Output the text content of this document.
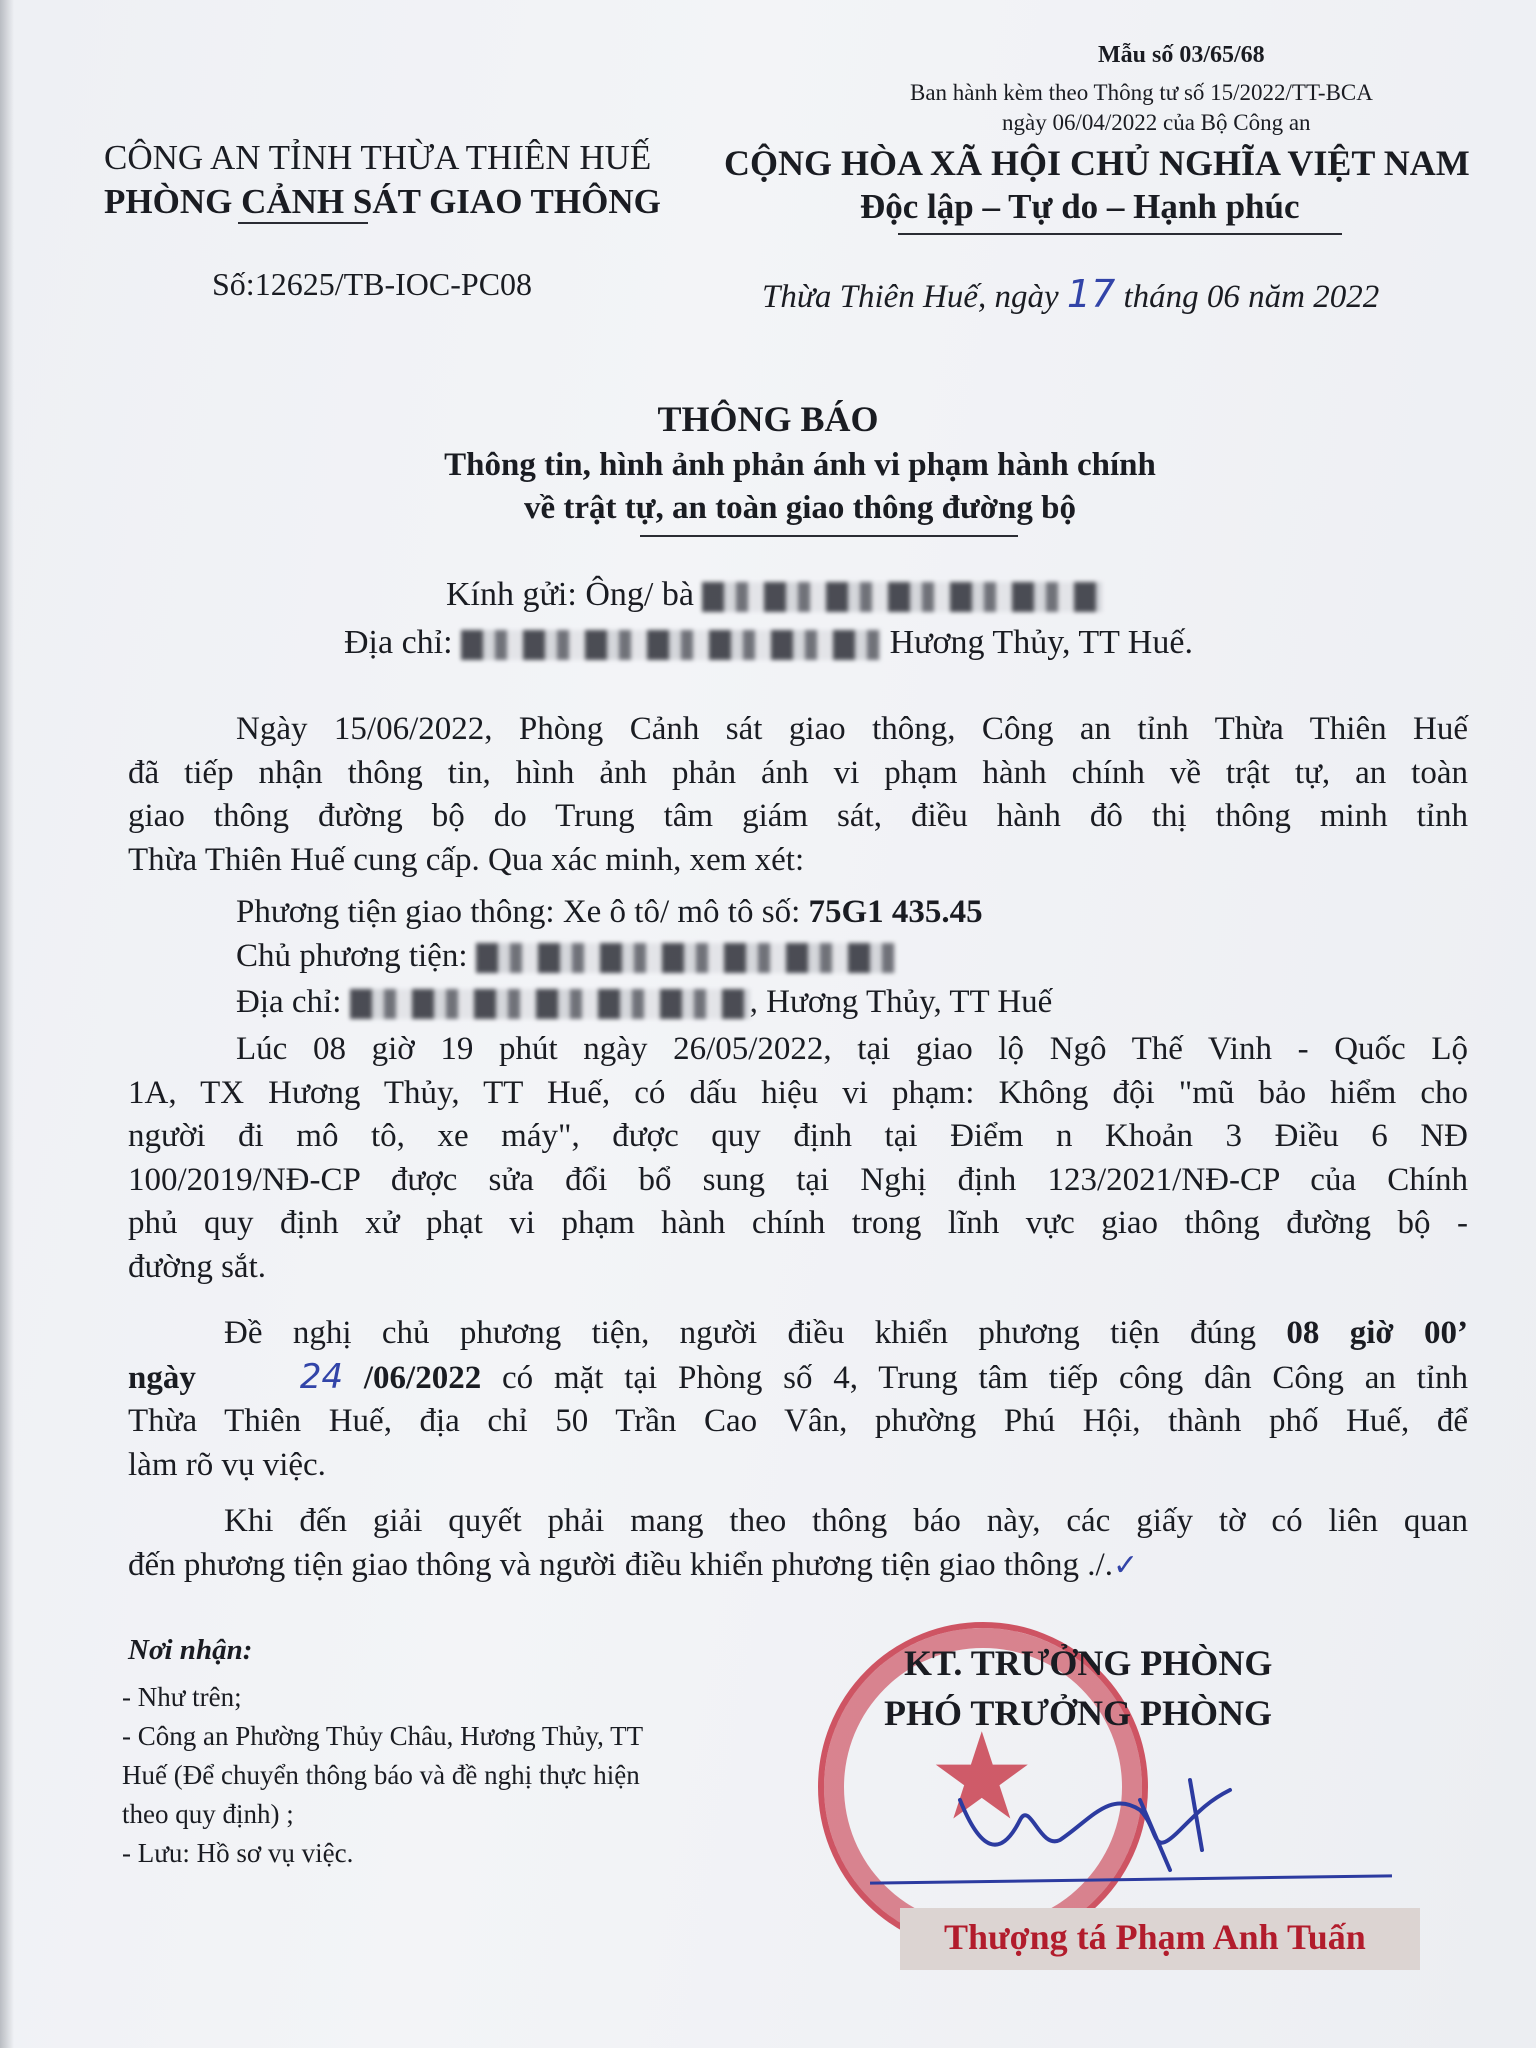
Mẫu số 03/65/68
Ban hành kèm theo Thông tư số 15/2022/TT-BCA
ngày 06/04/2022 của Bộ Công an
CÔNG AN TỈNH THỪA THIÊN HUẾ
PHÒNG CẢNH SÁT GIAO THÔNG
CỘNG HÒA XÃ HỘI CHỦ NGHĨA VIỆT NAM
Độc lập – Tự do – Hạnh phúc
Số:12625/TB-IOC-PC08	Thừa Thiên Huế, ngày 17 tháng 06 năm 2022
THÔNG BÁO
Thông tin, hình ảnh phản ánh vi phạm hành chính
về trật tự, an toàn giao thông đường bộ
Kính gửi: Ông/ bà
Địa chỉ:	Hương Thủy, TT Huế.
Ngày 15/06/2022, Phòng Cảnh sát giao thông, Công an tỉnh Thừa Thiên Huế
đã tiếp nhận thông tin, hình ảnh phản ánh vi phạm hành chính về trật tự, an toàn
giao thông đường bộ do Trung tâm giám sát, điều hành đô thị thông minh tỉnh
Thừa Thiên Huế cung cấp. Qua xác minh, xem xét:
Phương tiện giao thông: Xe ô tô/ mô tô số: 75G1 435.45
Chủ phương tiện:
Địa chỉ:	, Hương Thủy, TT Huế
Lúc 08 giờ 19 phút ngày 26/05/2022, tại giao lộ Ngô Thế Vinh - Quốc Lộ
1A, TX Hương Thủy, TT Huế, có dấu hiệu vi phạm: Không đội "mũ bảo hiểm cho
người đi mô tô, xe máy", được quy định tại Điểm n Khoản 3 Điều 6 NĐ
100/2019/NĐ-CP được sửa đổi bổ sung tại Nghị định 123/2021/NĐ-CP của Chính
phủ quy định xử phạt vi phạm hành chính trong lĩnh vực giao thông đường bộ -
đường sắt.
Đề nghị chủ phương tiện, người điều khiển phương tiện đúng 08 giờ 00’
ngày	24 /06/2022 có mặt tại Phòng số 4, Trung tâm tiếp công dân Công an tỉnh
Thừa Thiên Huế, địa chỉ 50 Trần Cao Vân, phường Phú Hội, thành phố Huế, để
làm rõ vụ việc.
Khi đến giải quyết phải mang theo thông báo này, các giấy tờ có liên quan
đến phương tiện giao thông và người điều khiển phương tiện giao thông ./.✓
Nơi nhận:
- Như trên;
- Công an Phường Thủy Châu, Hương Thủy, TT
Huế (Để chuyển thông báo và đề nghị thực hiện
theo quy định) ;
- Lưu: Hồ sơ vụ việc.
★
KT. TRƯỞNG PHÒNG
PHÓ TRƯỞNG PHÒNG
Thượng tá Phạm Anh Tuấn
